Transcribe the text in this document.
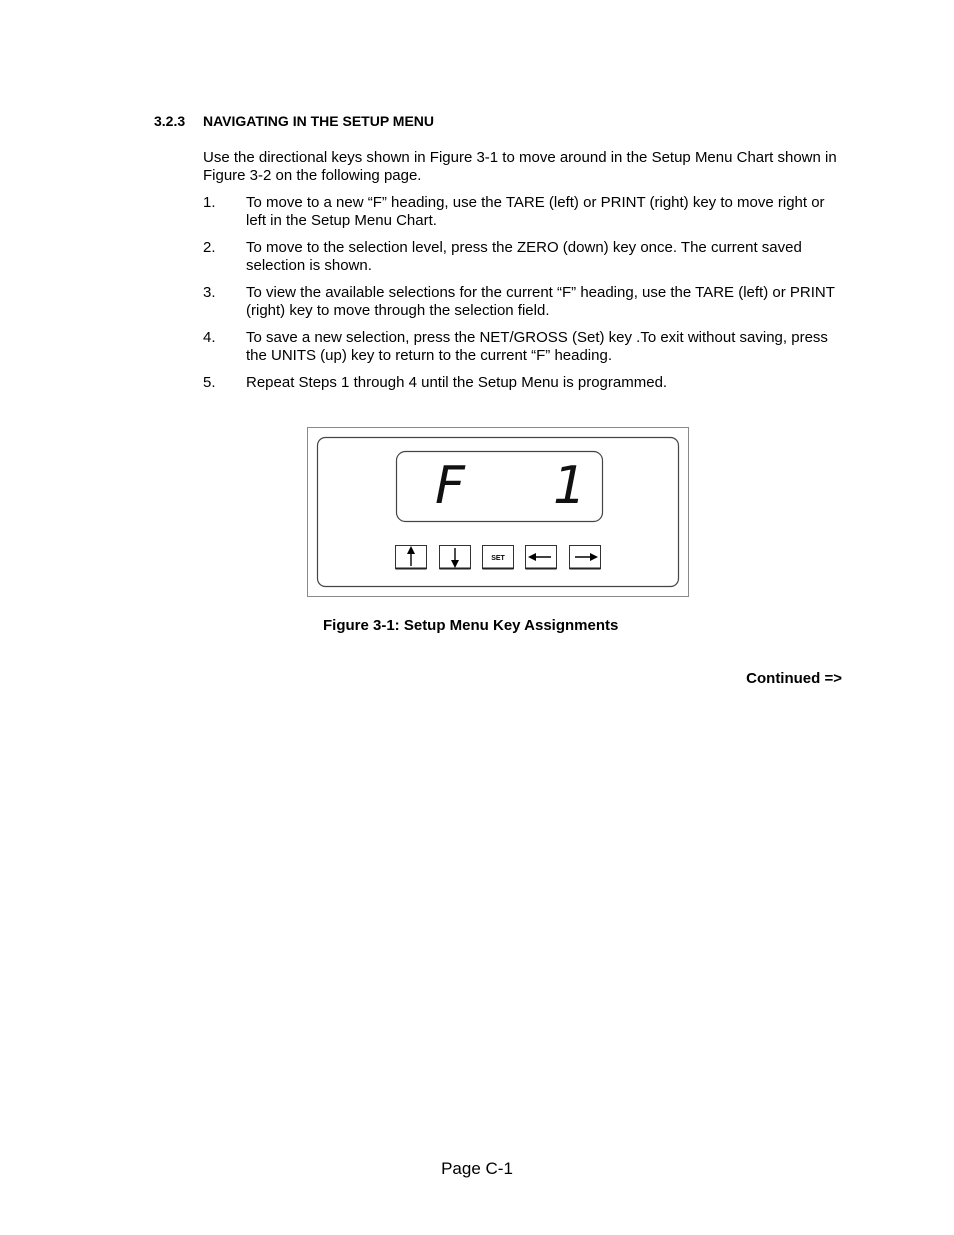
3.2.3 NAVIGATING IN THE SETUP MENU

Use the directional keys shown in Figure 3-1 to move around in the Setup Menu Chart shown in Figure 3-2 on the following page.

1. To move to a new “F” heading, use the TARE (left) or PRINT (right) key to move right or left in the Setup Menu Chart.
2. To move to the selection level, press the ZERO (down) key once. The current saved selection is shown.
3. To view the available selections for the current “F” heading, use the TARE (left) or PRINT (right) key to move through the selection field.
4. To save a new selection, press the NET/GROSS (Set) key .To exit without saving, press the UNITS (up) key to return to the current “F” heading.
5. Repeat Steps 1 through 4 until the Setup Menu is programmed.
F 1
SET
Figure 3-1: Setup Menu Key Assignments
Continued =>
Page C-1
